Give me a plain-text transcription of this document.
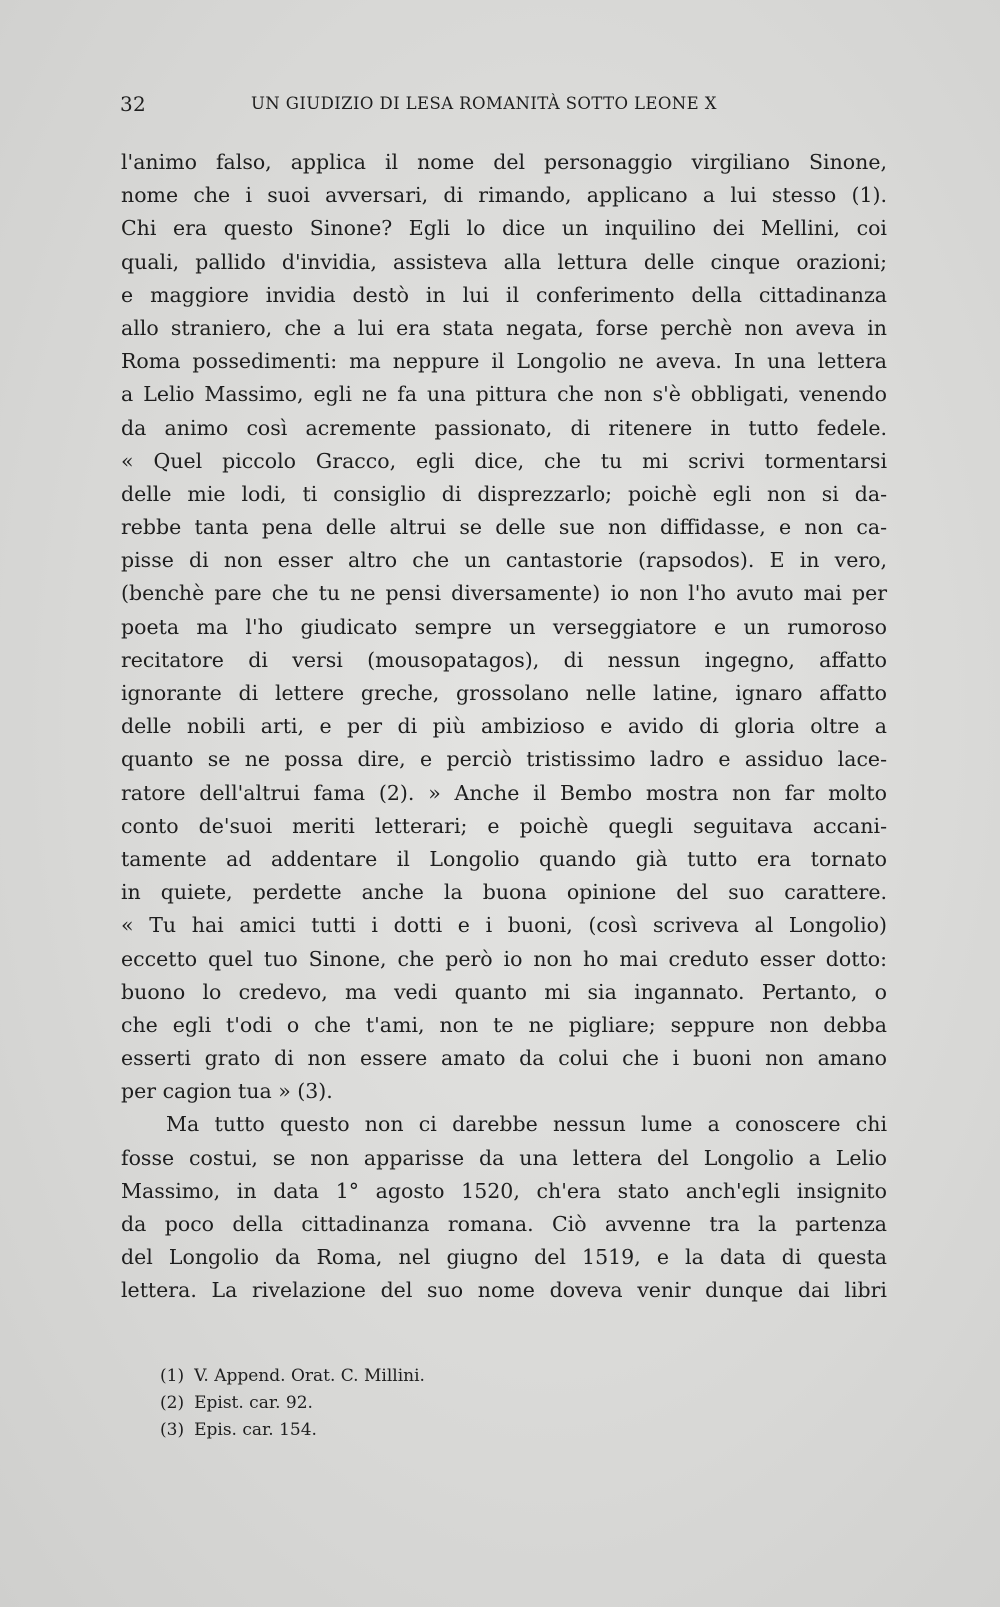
32	UN GIUDIZIO DI LESA ROMANITÀ SOTTO LEONE X
l'animo falso, applica il nome del personaggio virgiliano Sinone,
nome che i suoi avversari, di rimando, applicano a lui stesso (1).
Chi era questo Sinone? Egli lo dice un inquilino dei Mellini, coi
quali, pallido d'invidia, assisteva alla lettura delle cinque orazioni;
e maggiore invidia destò in lui il conferimento della cittadinanza
allo straniero, che a lui era stata negata, forse perchè non aveva in
Roma possedimenti: ma neppure il Longolio ne aveva. In una lettera
a Lelio Massimo, egli ne fa una pittura che non s'è obbligati, venendo
da animo così acremente passionato, di ritenere in tutto fedele.
« Quel piccolo Gracco, egli dice, che tu mi scrivi tormentarsi
delle mie lodi, ti consiglio di disprezzarlo; poichè egli non si da-
rebbe tanta pena delle altrui se delle sue non diffidasse, e non ca-
pisse di non esser altro che un cantastorie (rapsodos). E in vero,
(benchè pare che tu ne pensi diversamente) io non l'ho avuto mai per
poeta ma l'ho giudicato sempre un verseggiatore e un rumoroso
recitatore di versi (mousopatagos), di nessun ingegno, affatto
ignorante di lettere greche, grossolano nelle latine, ignaro affatto
delle nobili arti, e per di più ambizioso e avido di gloria oltre a
quanto se ne possa dire, e perciò tristissimo ladro e assiduo lace-
ratore dell'altrui fama (2). » Anche il Bembo mostra non far molto
conto de'suoi meriti letterari; e poichè quegli seguitava accani-
tamente ad addentare il Longolio quando già tutto era tornato
in quiete, perdette anche la buona opinione del suo carattere.
« Tu hai amici tutti i dotti e i buoni, (così scriveva al Longolio)
eccetto quel tuo Sinone, che però io non ho mai creduto esser dotto:
buono lo credevo, ma vedi quanto mi sia ingannato. Pertanto, o
che egli t'odi o che t'ami, non te ne pigliare; seppure non debba
esserti grato di non essere amato da colui che i buoni non amano
per cagion tua » (3).
Ma tutto questo non ci darebbe nessun lume a conoscere chi
fosse costui, se non apparisse da una lettera del Longolio a Lelio
Massimo, in data 1° agosto 1520, ch'era stato anch'egli insignito
da poco della cittadinanza romana. Ciò avvenne tra la partenza
del Longolio da Roma, nel giugno del 1519, e la data di questa
lettera. La rivelazione del suo nome doveva venir dunque dai libri
(1) V. Append. Orat. C. Millini.
(2) Epist. car. 92.
(3) Epis. car. 154.
